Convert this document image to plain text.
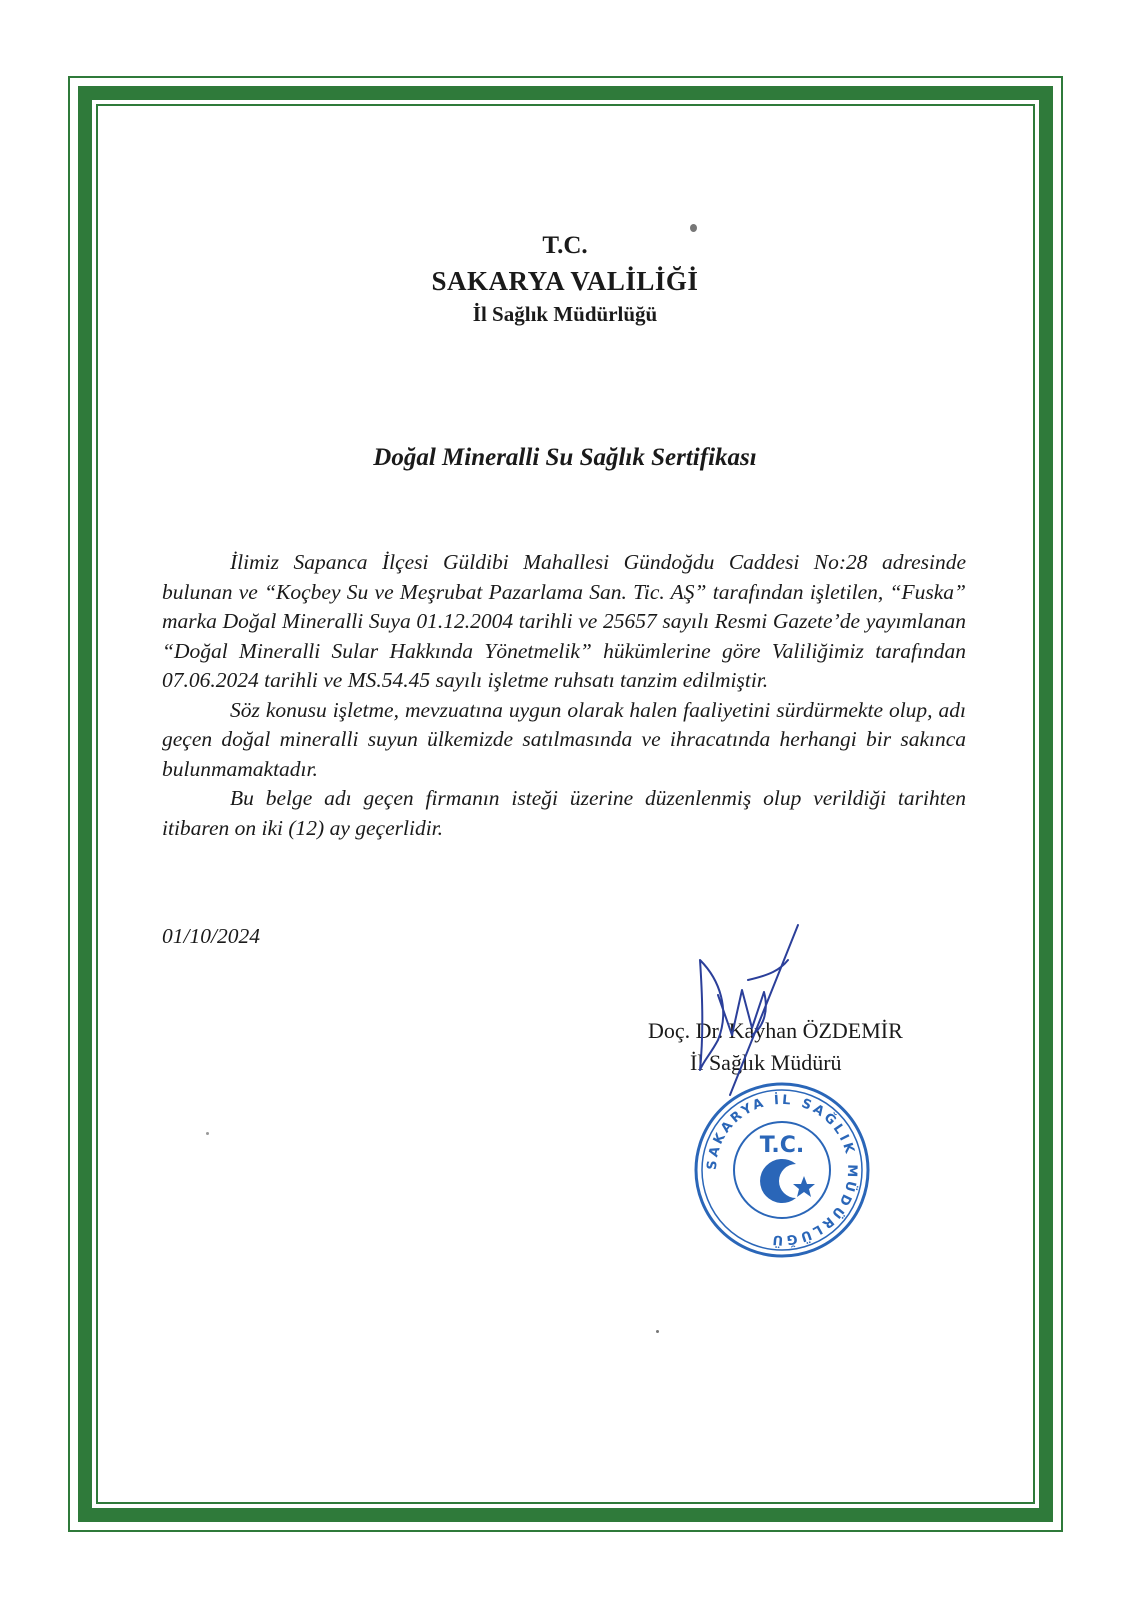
T.C.
SAKARYA VALİLİĞİ
İl Sağlık Müdürlüğü
Doğal Mineralli Su Sağlık Sertifikası

İlimiz Sapanca İlçesi Güldibi Mahallesi Gündoğdu Caddesi No:28 adresinde bulunan ve “Koçbey Su ve Meşrubat Pazarlama San. Tic. AŞ” tarafından işletilen, “Fuska” marka Doğal Mineralli Suya 01.12.2004 tarihli ve 25657 sayılı Resmi Gazete’de yayımlanan “Doğal Mineralli Sular Hakkında Yönetmelik” hükümlerine göre Valiliğimiz tarafından 07.06.2024 tarihli ve MS.54.45 sayılı işletme ruhsatı tanzim edilmiştir.

Söz konusu işletme, mevzuatına uygun olarak halen faaliyetini sürdürmekte olup, adı geçen doğal mineralli suyun ülkemizde satılmasında ve ihracatında herhangi bir sakınca bulunmamaktadır.

Bu belge adı geçen firmanın isteği üzerine düzenlenmiş olup verildiği tarihten itibaren on iki (12) ay geçerlidir.

01/10/2024
Doç. Dr. Kayhan ÖZDEMİR
İl Sağlık Müdürü
SAKARYA İL SAĞLIK MÜDÜRLÜĞÜ
T.C.
